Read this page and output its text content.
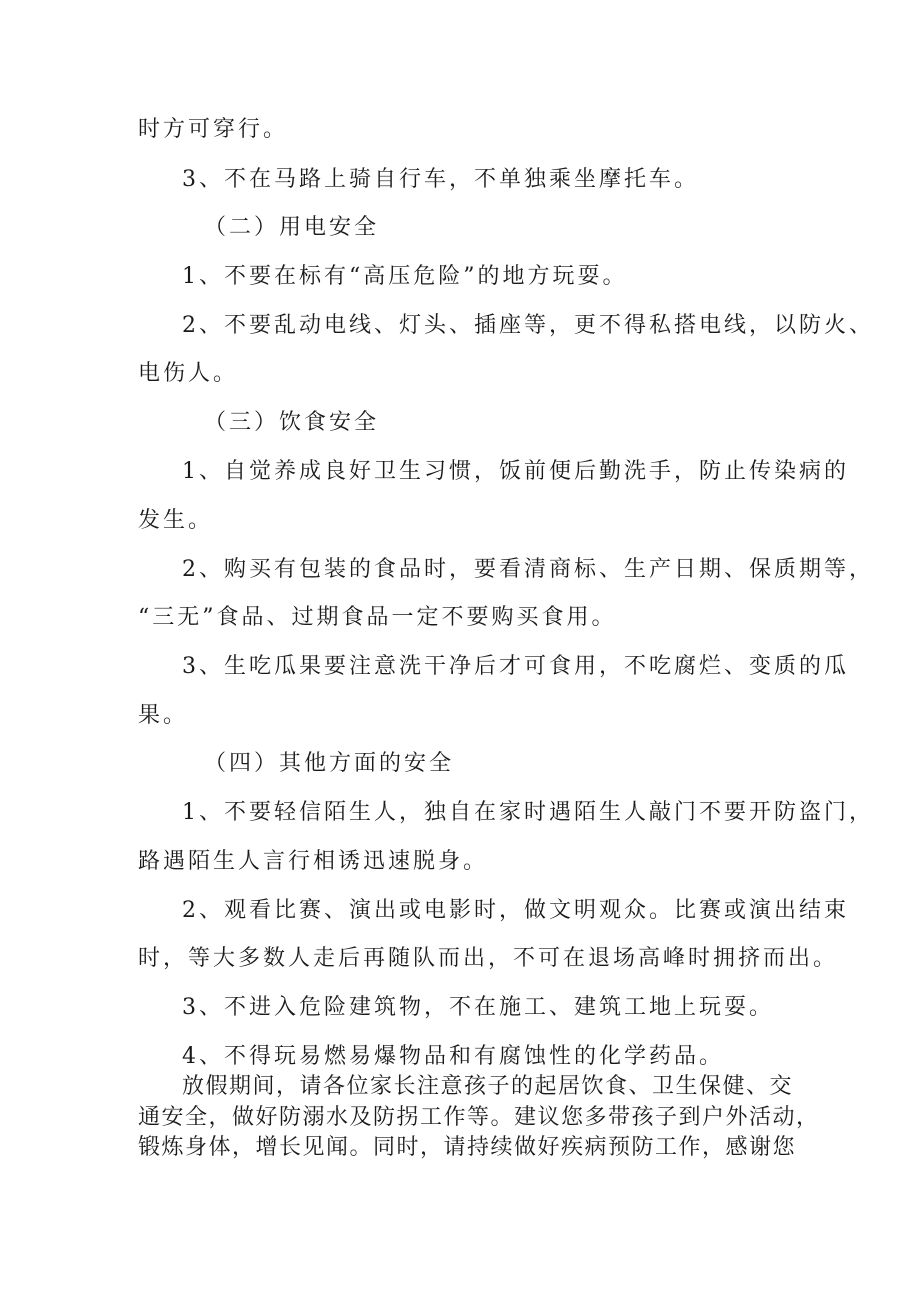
时方可穿行。
3、不在马路上骑自行车，不单独乘坐摩托车。
（二）用电安全
1、不要在标有“高压危险”的地方玩耍。
2、不要乱动电线、灯头、插座等，更不得私搭电线，以防火、
电伤人。
（三）饮食安全
1、自觉养成良好卫生习惯，饭前便后勤洗手，防止传染病的
发生。
2、购买有包装的食品时，要看清商标、生产日期、保质期等，
“三无”食品、过期食品一定不要购买食用。
3、生吃瓜果要注意洗干净后才可食用，不吃腐烂、变质的瓜
果。
（四）其他方面的安全
1、不要轻信陌生人，独自在家时遇陌生人敲门不要开防盗门，
路遇陌生人言行相诱迅速脱身。
2、观看比赛、演出或电影时，做文明观众。比赛或演出结束
时，等大多数人走后再随队而出，不可在退场高峰时拥挤而出。
3、不进入危险建筑物，不在施工、建筑工地上玩耍。
4、不得玩易燃易爆物品和有腐蚀性的化学药品。
放假期间，请各位家长注意孩子的起居饮食、卫生保健、交
通安全，做好防溺水及防拐工作等。建议您多带孩子到户外活动，
锻炼身体，增长见闻。同时，请持续做好疾病预防工作，感谢您
